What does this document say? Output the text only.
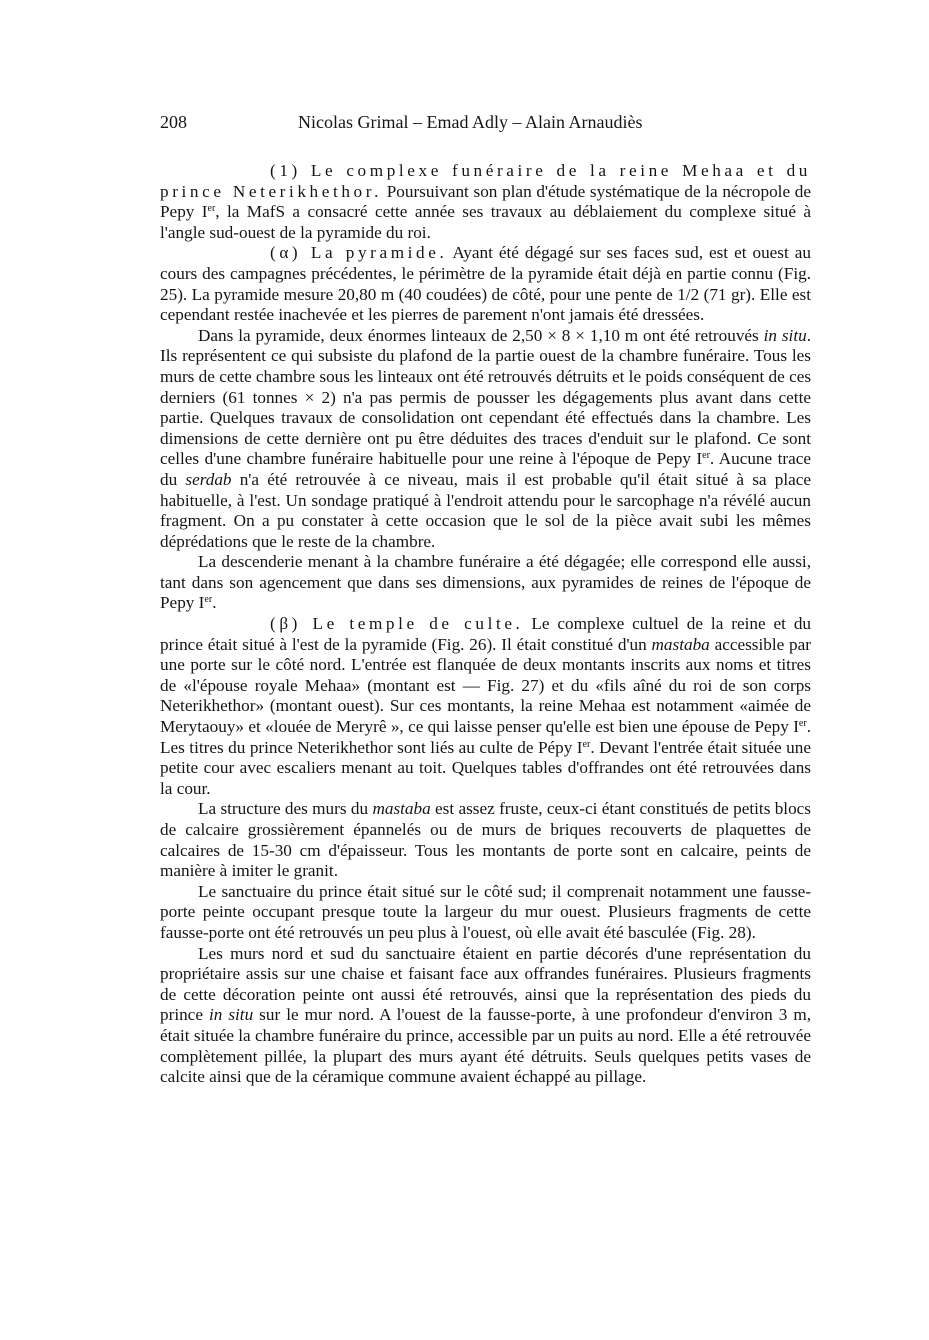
208	Nicolas Grimal – Emad Adly – Alain Arnaudiès

(1) Le complexe funéraire de la reine Mehaa et du prince Neterikhethor. Poursuivant son plan d'étude systématique de la nécropole de Pepy Ier, la MafS a consacré cette année ses travaux au déblaiement du complexe situé à l'angle sud-ouest de la pyramide du roi.

(α) La pyramide. Ayant été dégagé sur ses faces sud, est et ouest au cours des campagnes précédentes, le périmètre de la pyramide était déjà en partie connu (Fig. 25). La pyramide mesure 20,80 m (40 coudées) de côté, pour une pente de 1/2 (71 gr). Elle est cependant restée inachevée et les pierres de parement n'ont jamais été dressées.

Dans la pyramide, deux énormes linteaux de 2,50 × 8 × 1,10 m ont été retrouvés in situ. Ils représentent ce qui subsiste du plafond de la partie ouest de la chambre funéraire. Tous les murs de cette chambre sous les linteaux ont été retrouvés détruits et le poids conséquent de ces derniers (61 tonnes × 2) n'a pas permis de pousser les dégagements plus avant dans cette partie. Quelques travaux de consolidation ont cependant été effectués dans la chambre. Les dimensions de cette dernière ont pu être déduites des traces d'enduit sur le plafond. Ce sont celles d'une chambre funéraire habituelle pour une reine à l'époque de Pepy Ier. Aucune trace du serdab n'a été retrouvée à ce niveau, mais il est probable qu'il était situé à sa place habituelle, à l'est. Un sondage pratiqué à l'endroit attendu pour le sarcophage n'a révélé aucun fragment. On a pu constater à cette occasion que le sol de la pièce avait subi les mêmes déprédations que le reste de la chambre.

La descenderie menant à la chambre funéraire a été dégagée; elle correspond elle aussi, tant dans son agencement que dans ses dimensions, aux pyramides de reines de l'époque de Pepy Ier.

(β) Le temple de culte. Le complexe cultuel de la reine et du prince était situé à l'est de la pyramide (Fig. 26). Il était constitué d'un mastaba accessible par une porte sur le côté nord. L'entrée est flanquée de deux montants inscrits aux noms et titres de «l'épouse royale Mehaa» (montant est — Fig. 27) et du «fils aîné du roi de son corps Neterikhethor» (montant ouest). Sur ces montants, la reine Mehaa est notamment «aimée de Merytaouy» et «louée de Meryrê », ce qui laisse penser qu'elle est bien une épouse de Pepy Ier. Les titres du prince Neterikhethor sont liés au culte de Pépy Ier. Devant l'entrée était située une petite cour avec escaliers menant au toit. Quelques tables d'offrandes ont été retrouvées dans la cour.

La structure des murs du mastaba est assez fruste, ceux-ci étant constitués de petits blocs de calcaire grossièrement épannelés ou de murs de briques recouverts de plaquettes de calcaires de 15-30 cm d'épaisseur. Tous les montants de porte sont en calcaire, peints de manière à imiter le granit.

Le sanctuaire du prince était situé sur le côté sud; il comprenait notamment une fausse-porte peinte occupant presque toute la largeur du mur ouest. Plusieurs fragments de cette fausse-porte ont été retrouvés un peu plus à l'ouest, où elle avait été basculée (Fig. 28).

Les murs nord et sud du sanctuaire étaient en partie décorés d'une représentation du propriétaire assis sur une chaise et faisant face aux offrandes funéraires. Plusieurs fragments de cette décoration peinte ont aussi été retrouvés, ainsi que la représentation des pieds du prince in situ sur le mur nord. A l'ouest de la fausse-porte, à une profondeur d'environ 3 m, était située la chambre funéraire du prince, accessible par un puits au nord. Elle a été retrouvée complètement pillée, la plupart des murs ayant été détruits. Seuls quelques petits vases de calcite ainsi que de la céramique commune avaient échappé au pillage.
